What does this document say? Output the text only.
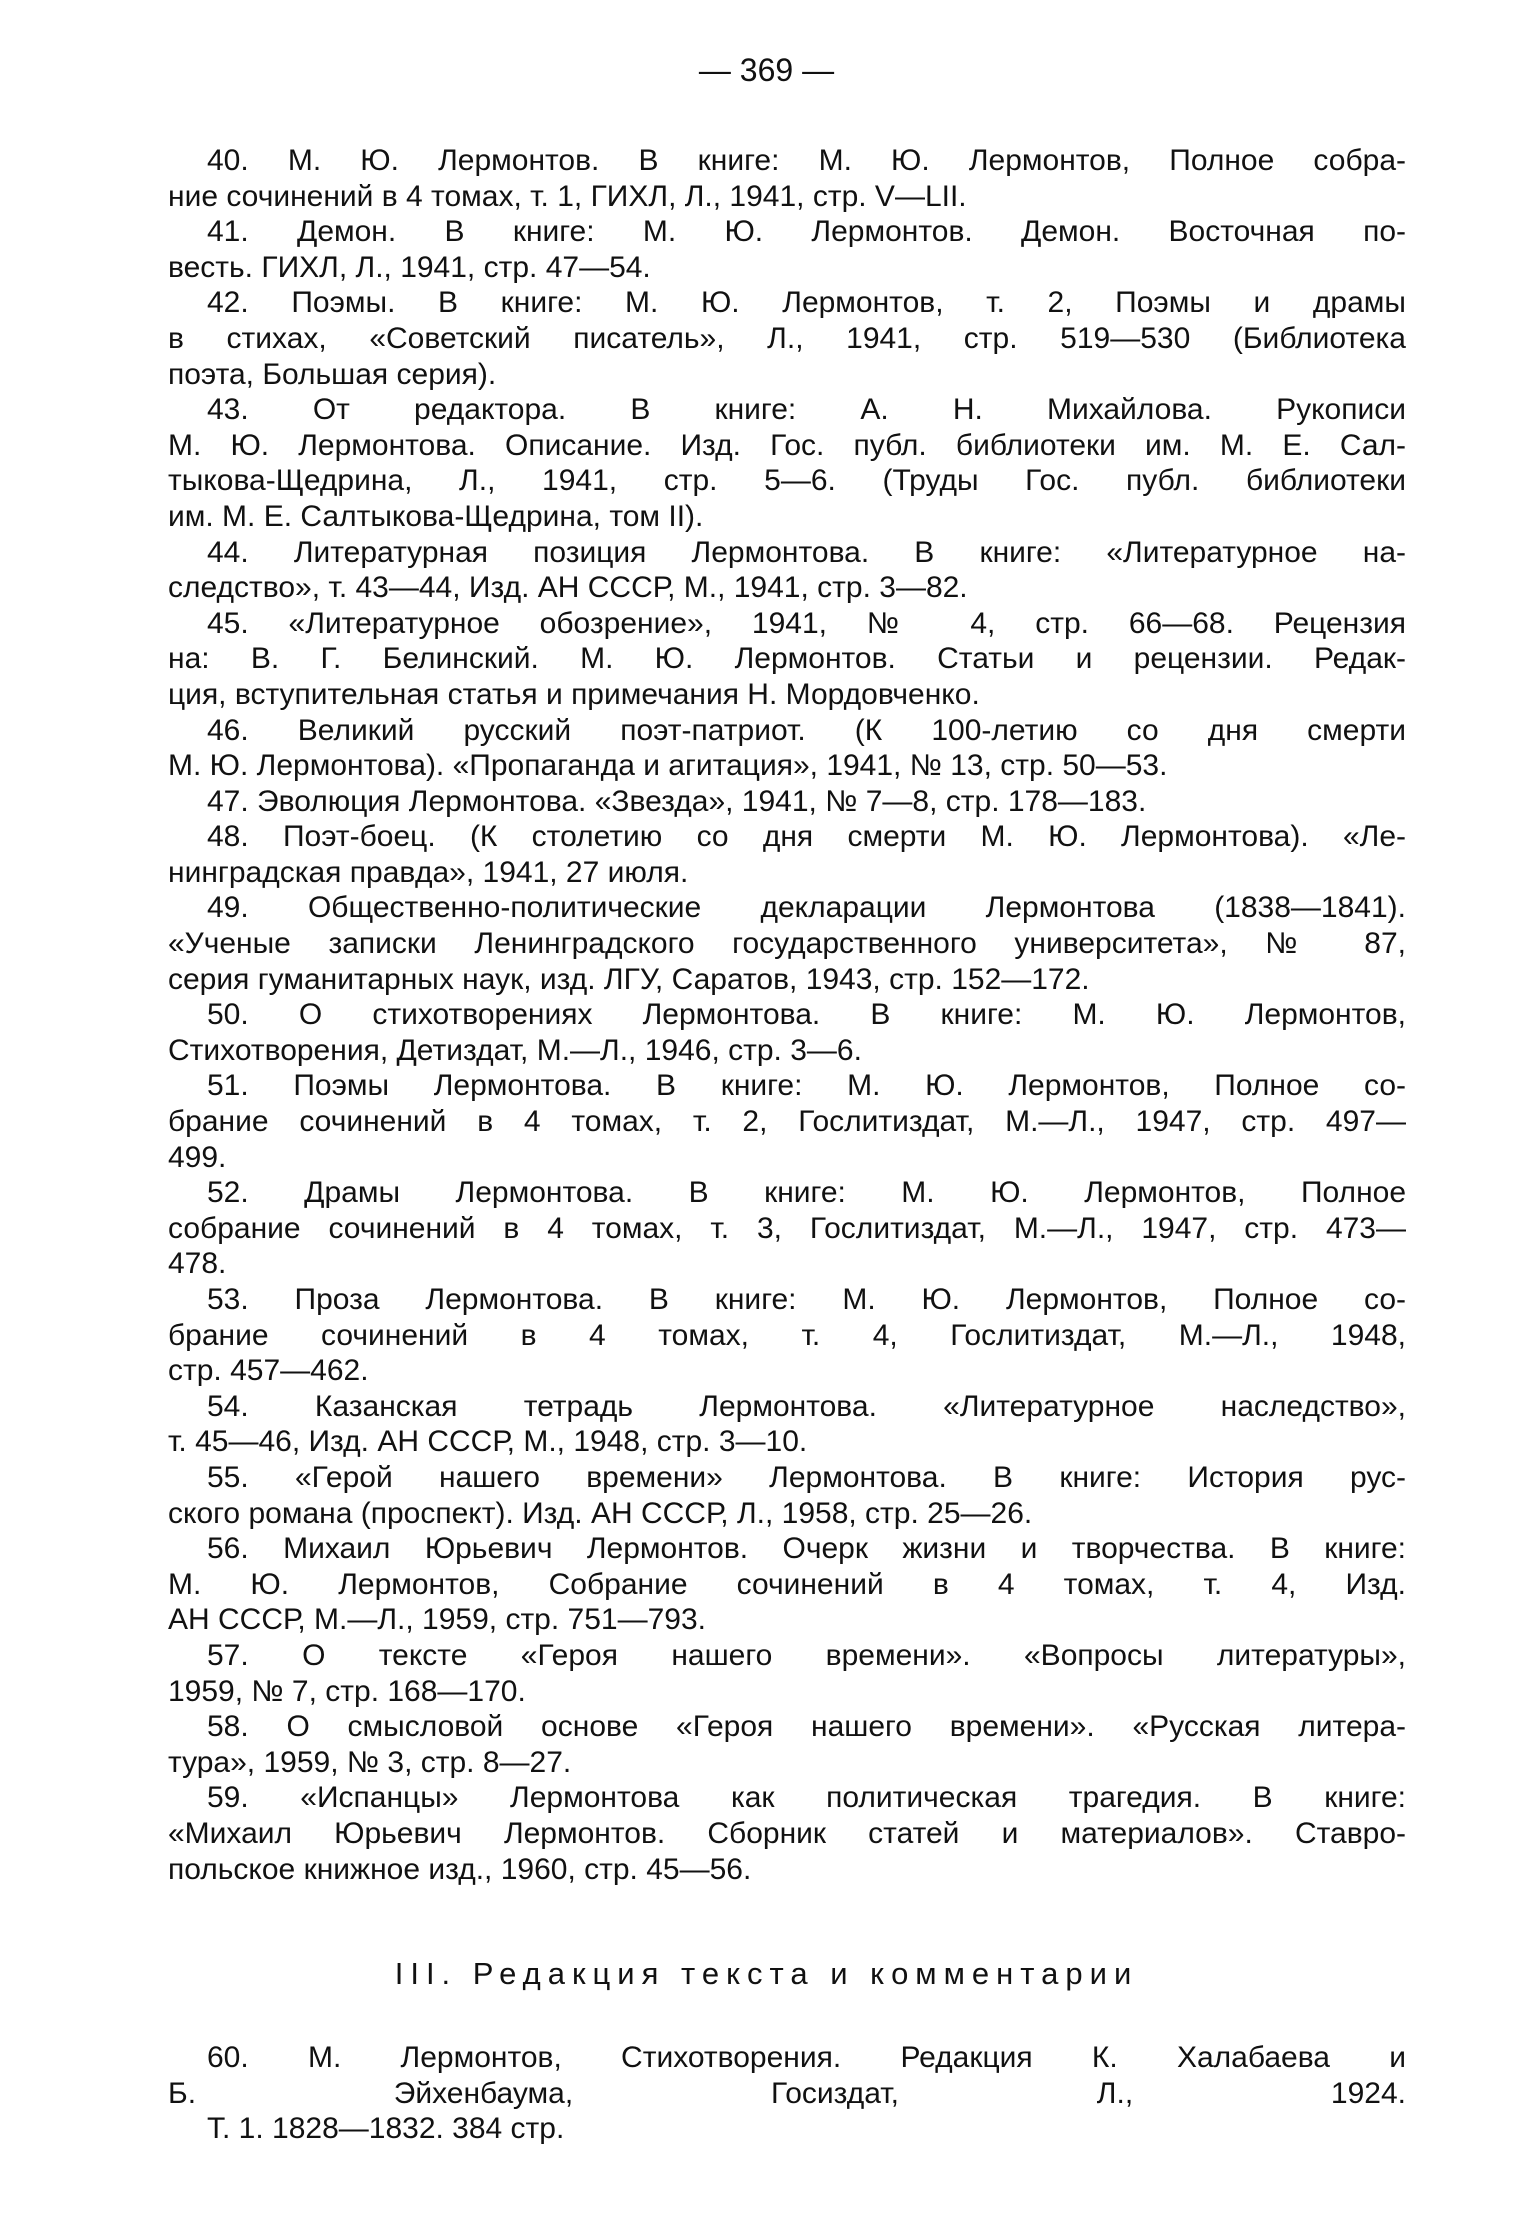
— 369 —
40. М. Ю. Лермонтов. В книге: М. Ю. Лермонтов, Полное собра-
ние сочинений в 4 томах, т. 1, ГИХЛ, Л., 1941, стр. V—LII.
41. Демон. В книге: М. Ю. Лермонтов. Демон. Восточная по-
весть. ГИХЛ, Л., 1941, стр. 47—54.
42. Поэмы. В книге: М. Ю. Лермонтов, т. 2, Поэмы и драмы
в стихах, «Советский писатель», Л., 1941, стр. 519—530 (Библиотека
поэта, Большая серия).
43. От редактора. В книге: А. Н. Михайлова. Рукописи
М. Ю. Лермонтова. Описание. Изд. Гос. публ. библиотеки им. М. Е. Сал-
тыкова-Щедрина, Л., 1941, стр. 5—6. (Труды Гос. публ. библиотеки
им. М. Е. Салтыкова-Щедрина, том II).
44. Литературная позиция Лермонтова. В книге: «Литературное на-
следство», т. 43—44, Изд. АН СССР, М., 1941, стр. 3—82.
45. «Литературное обозрение», 1941, № 4, стр. 66—68. Рецензия
на: В. Г. Белинский. М. Ю. Лермонтов. Статьи и рецензии. Редак-
ция, вступительная статья и примечания Н. Мордовченко.
46. Великий русский поэт-патриот. (К 100-летию со дня смерти
М. Ю. Лермонтова). «Пропаганда и агитация», 1941, № 13, стр. 50—53.
47. Эволюция Лермонтова. «Звезда», 1941, № 7—8, стр. 178—183.
48. Поэт-боец. (К столетию со дня смерти М. Ю. Лермонтова). «Ле-
нинградская правда», 1941, 27 июля.
49. Общественно-политические декларации Лермонтова (1838—1841).
«Ученые записки Ленинградского государственного университета», № 87,
серия гуманитарных наук, изд. ЛГУ, Саратов, 1943, стр. 152—172.
50. О стихотворениях Лермонтова. В книге: М. Ю. Лермонтов,
Стихотворения, Детиздат, М.—Л., 1946, стр. 3—6.
51. Поэмы Лермонтова. В книге: М. Ю. Лермонтов, Полное со-
брание сочинений в 4 томах, т. 2, Гослитиздат, М.—Л., 1947, стр. 497—
499.
52. Драмы Лермонтова. В книге: М. Ю. Лермонтов, Полное
собрание сочинений в 4 томах, т. 3, Гослитиздат, М.—Л., 1947, стр. 473—
478.
53. Проза Лермонтова. В книге: М. Ю. Лермонтов, Полное со-
брание сочинений в 4 томах, т. 4, Гослитиздат, М.—Л., 1948,
стр. 457—462.
54. Казанская тетрадь Лермонтова. «Литературное наследство»,
т. 45—46, Изд. АН СССР, М., 1948, стр. 3—10.
55. «Герой нашего времени» Лермонтова. В книге: История рус-
ского романа (проспект). Изд. АН СССР, Л., 1958, стр. 25—26.
56. Михаил Юрьевич Лермонтов. Очерк жизни и творчества. В книге:
М. Ю. Лермонтов, Собрание сочинений в 4 томах, т. 4, Изд.
АН СССР, М.—Л., 1959, стр. 751—793.
57. О тексте «Героя нашего времени». «Вопросы литературы»,
1959, № 7, стр. 168—170.
58. О смысловой основе «Героя нашего времени». «Русская литера-
тура», 1959, № 3, стр. 8—27.
59. «Испанцы» Лермонтова как политическая трагедия. В книге:
«Михаил Юрьевич Лермонтов. Сборник статей и материалов». Ставро-
польское книжное изд., 1960, стр. 45—56.
III. Редакция текста и комментарии
60. М. Лермонтов, Стихотворения. Редакция К. Халабаева и
Б. Эйхенбаума, Госиздат, Л., 1924.
Т. 1. 1828—1832. 384 стр.
